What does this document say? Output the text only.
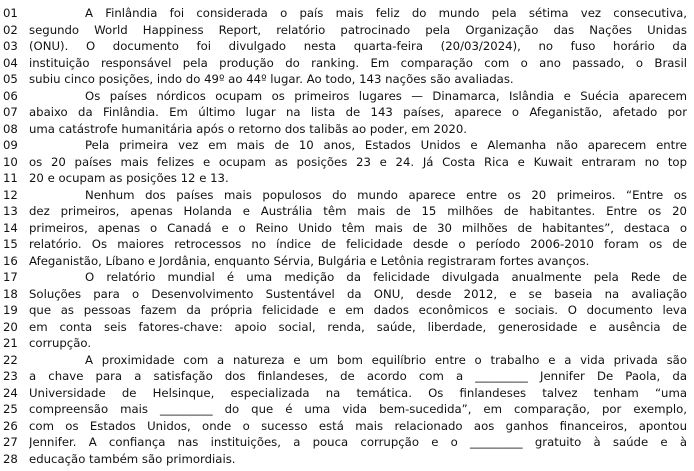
01	A Finlândia foi considerada o país mais feliz do mundo pela sétima vez consecutiva,
02 segundo World Happiness Report, relatório patrocinado pela Organização das Nações Unidas
03 (ONU). O documento foi divulgado nesta quarta-feira (20/03/2024), no fuso horário da
04 instituição responsável pela produção do ranking. Em comparação com o ano passado, o Brasil
05 subiu cinco posições, indo do 49º ao 44º lugar. Ao todo, 143 nações são avaliadas.
06	Os países nórdicos ocupam os primeiros lugares — Dinamarca, Islândia e Suécia aparecem
07 abaixo da Finlândia. Em último lugar na lista de 143 países, aparece o Afeganistão, afetado por
08 uma catástrofe humanitária após o retorno dos talibãs ao poder, em 2020.
09	Pela primeira vez em mais de 10 anos, Estados Unidos e Alemanha não aparecem entre
10 os 20 países mais felizes e ocupam as posições 23 e 24. Já Costa Rica e Kuwait entraram no top
11 20 e ocupam as posições 12 e 13.
12	Nenhum dos países mais populosos do mundo aparece entre os 20 primeiros. “Entre os
13 dez primeiros, apenas Holanda e Austrália têm mais de 15 milhões de habitantes. Entre os 20
14 primeiros, apenas o Canadá e o Reino Unido têm mais de 30 milhões de habitantes”, destaca o
15 relatório. Os maiores retrocessos no índice de felicidade desde o período 2006-2010 foram os de
16 Afeganistão, Líbano e Jordânia, enquanto Sérvia, Bulgária e Letônia registraram fortes avanços.
17	O relatório mundial é uma medição da felicidade divulgada anualmente pela Rede de
18 Soluções para o Desenvolvimento Sustentável da ONU, desde 2012, e se baseia na avaliação
19 que as pessoas fazem da própria felicidade e em dados econômicos e sociais. O documento leva
20 em conta seis fatores-chave: apoio social, renda, saúde, liberdade, generosidade e ausência de
21 corrupção.
22	A proximidade com a natureza e um bom equilíbrio entre o trabalho e a vida privada são
23 a chave para a satisfação dos finlandeses, de acordo com a _________ Jennifer De Paola, da
24 Universidade de Helsinque, especializada na temática. Os finlandeses talvez tenham “uma
25 compreensão mais _________ do que é uma vida bem-sucedida”, em comparação, por exemplo,
26 com os Estados Unidos, onde o sucesso está mais relacionado aos ganhos financeiros, apontou
27 Jennifer. A confiança nas instituições, a pouca corrupção e o _________ gratuito à saúde e à
28 educação também são primordiais.
